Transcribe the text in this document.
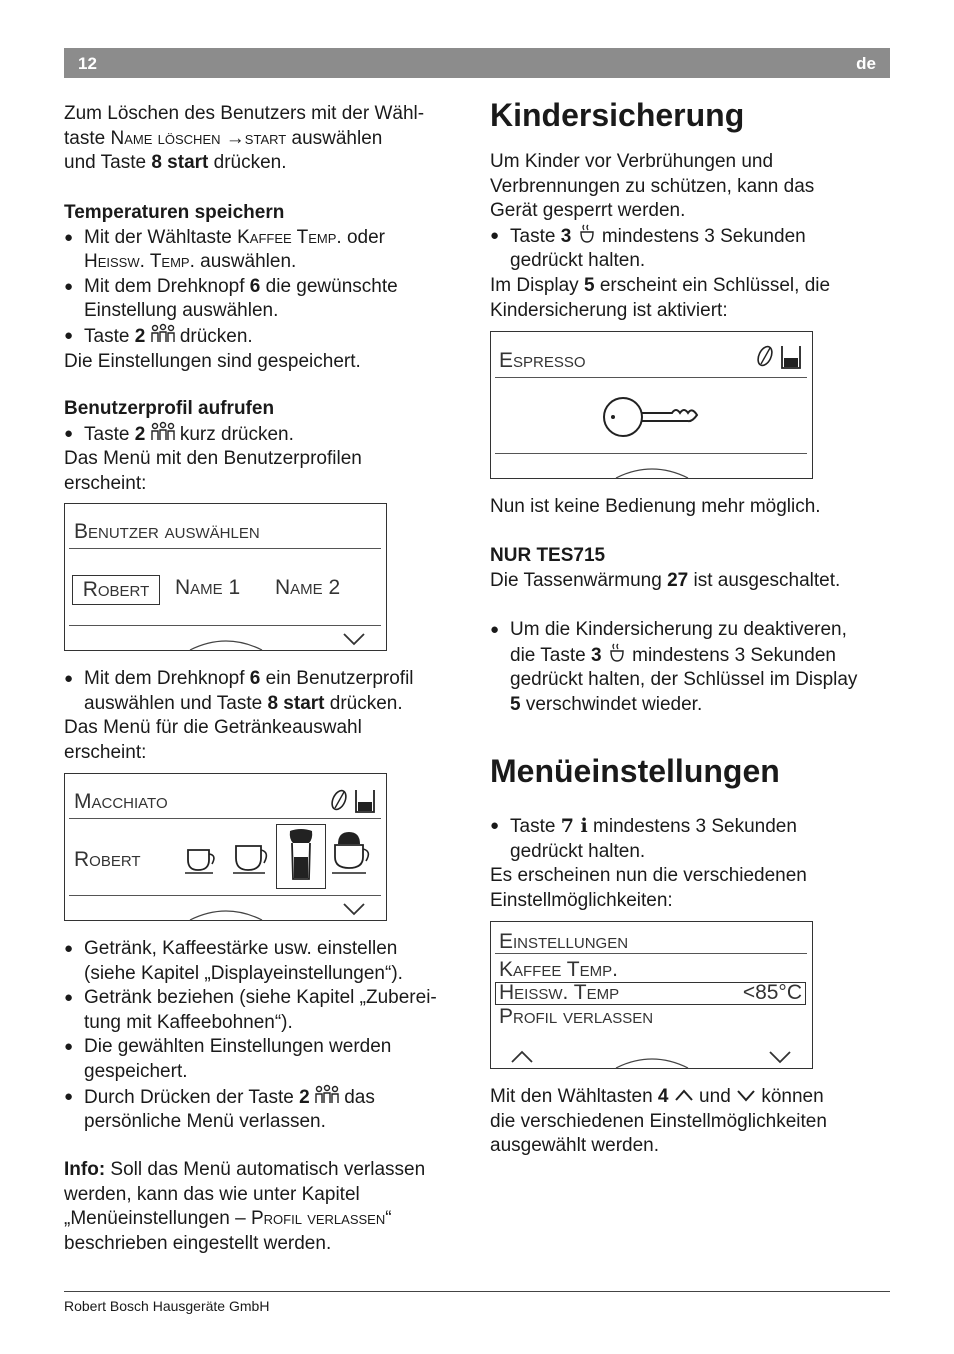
12	de

Zum Löschen des Benutzers mit der Wähl-
taste Name löschen →start auswählen
und Taste 8 start drücken.

Temperaturen speichern

● Mit der Wähltaste Kaffee Temp. oder
Heissw. Temp. auswählen.

● Mit dem Drehknopf 6 die gewünschte
Einstellung auswählen.

● Taste 2  drücken.

Die Einstellungen sind gespeichert.

Benutzerprofil aufrufen

● Taste 2  kurz drücken.

Das Menü mit den Benutzerprofilen
erscheint:

Benutzer auswählen
Robert	Name 1 Name 2

● Mit dem Drehknopf 6 ein Benutzerprofil
auswählen und Taste 8 start drücken.

Das Menü für die Getränkeauswahl
erscheint:

Macchiato
Robert

● Getränk, Kaffeestärke usw. einstellen
(siehe Kapitel „Displayeinstellungen“).

● Getränk beziehen (siehe Kapitel „Zuberei-
tung mit Kaffeebohnen“).

● Die gewählten Einstellungen werden
gespeichert.

● Durch Drücken der Taste 2  das
persönliche Menü verlassen.

Info: Soll das Menü automatisch verlassen
werden, kann das wie unter Kapitel
„Menüeinstellungen – Profil verlassen“
beschrieben eingestellt werden.

Kindersicherung

Um Kinder vor Verbrühungen und
Verbrennungen zu schützen, kann das
Gerät gesperrt werden.

● Taste 3  mindestens 3 Sekunden
gedrückt halten.

Im Display 5 erscheint ein Schlüssel, die
Kindersicherung ist aktiviert:

Espresso

Nun ist keine Bedienung mehr möglich.

NUR TES715

Die Tassenwärmung 27 ist ausgeschaltet.

● Um die Kindersicherung zu deaktiveren,
die Taste 3  mindestens 3 Sekunden
gedrückt halten, der Schlüssel im Display
5 verschwindet wieder.

Menüeinstellungen

● Taste 7 i mindestens 3 Sekunden
gedrückt halten.

Es erscheinen nun die verschiedenen
Einstellmöglichkeiten:

Einstellungen
Kaffee Temp.
Heissw. Temp	<85°C
Profil verlassen

Mit den Wähltasten 4  und  können
die verschiedenen Einstellmöglichkeiten
ausgewählt werden.

Robert Bosch Hausgeräte GmbH
